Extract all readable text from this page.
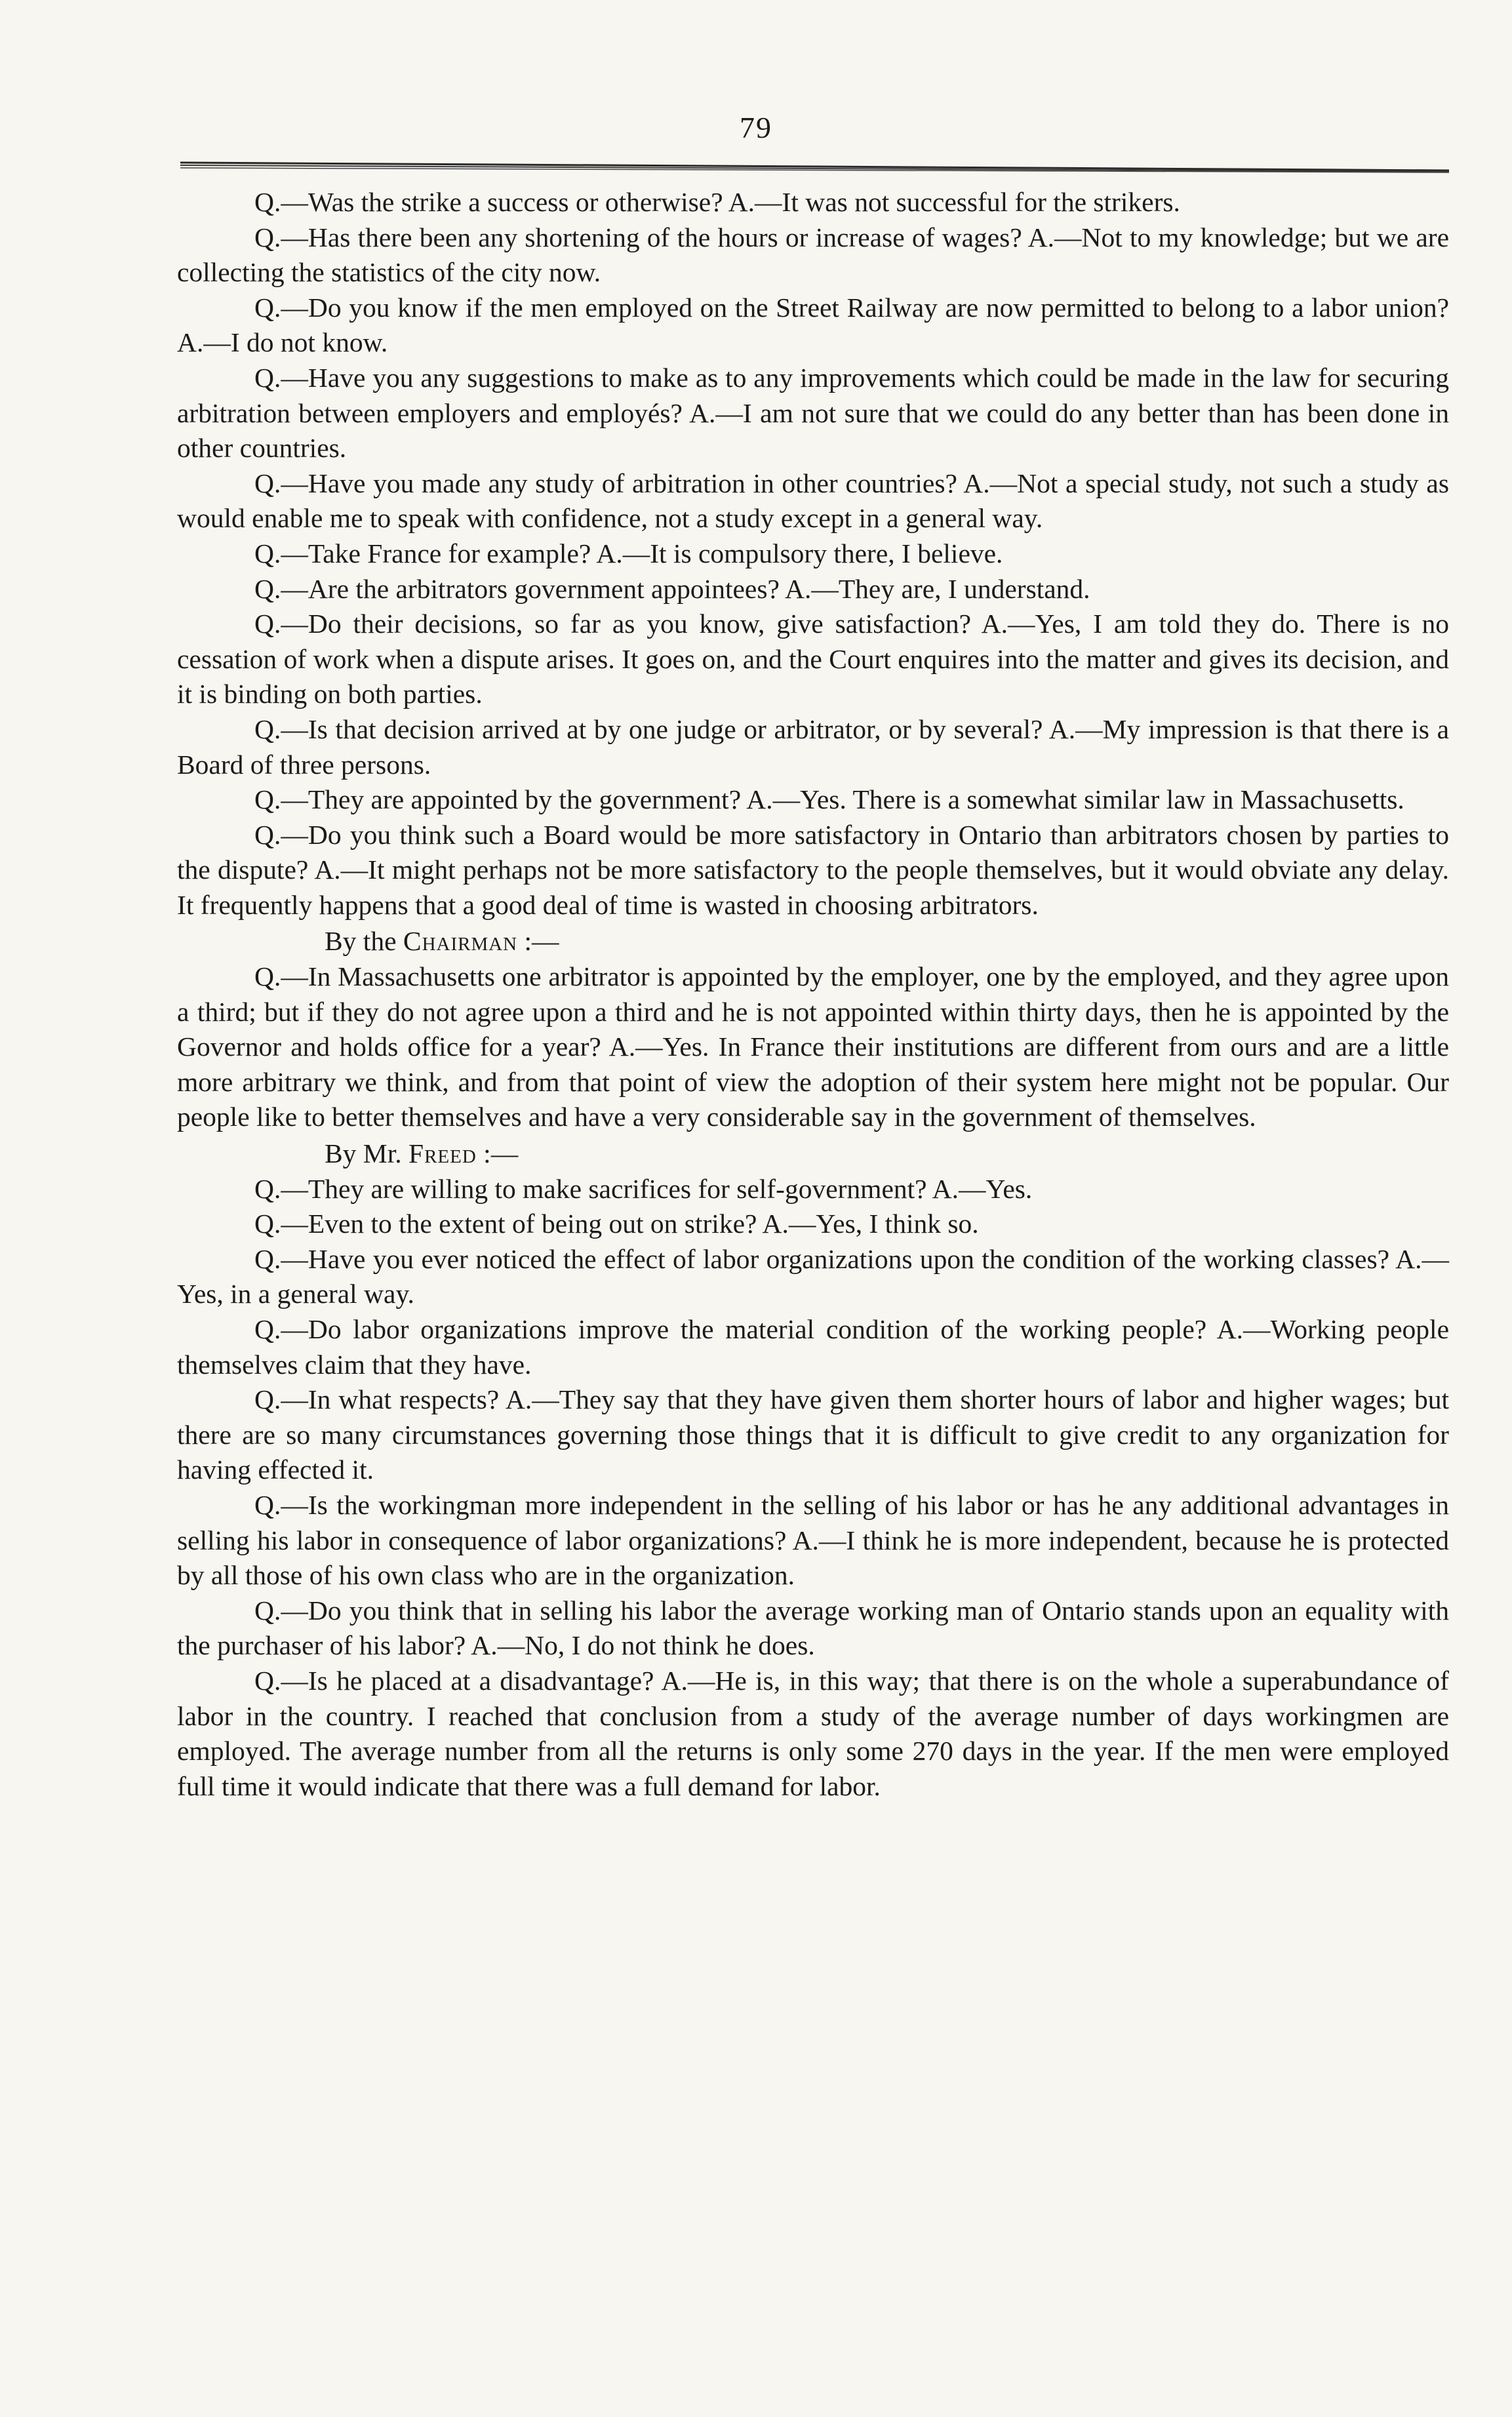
79

Q.—Was the strike a success or otherwise? A.—It was not successful for the strikers.

Q.—Has there been any shortening of the hours or increase of wages? A.—Not to my knowledge; but we are collecting the statistics of the city now.

Q.—Do you know if the men employed on the Street Railway are now permitted to belong to a labor union? A.—I do not know.

Q.—Have you any suggestions to make as to any improvements which could be made in the law for securing arbitration between employers and employés? A.—I am not sure that we could do any better than has been done in other countries.

Q.—Have you made any study of arbitration in other countries? A.—Not a special study, not such a study as would enable me to speak with confidence, not a study except in a general way.

Q.—Take France for example? A.—It is compulsory there, I believe.

Q.—Are the arbitrators government appointees? A.—They are, I understand.

Q.—Do their decisions, so far as you know, give satisfaction? A.—Yes, I am told they do. There is no cessation of work when a dispute arises. It goes on, and the Court enquires into the matter and gives its decision, and it is binding on both parties.

Q.—Is that decision arrived at by one judge or arbitrator, or by several? A.—My impression is that there is a Board of three persons.

Q.—They are appointed by the government? A.—Yes. There is a somewhat similar law in Massachusetts.

Q.—Do you think such a Board would be more satisfactory in Ontario than arbitrators chosen by parties to the dispute? A.—It might perhaps not be more satisfactory to the people themselves, but it would obviate any delay. It frequently happens that a good deal of time is wasted in choosing arbitrators.

By the Chairman :—

Q.—In Massachusetts one arbitrator is appointed by the employer, one by the employed, and they agree upon a third; but if they do not agree upon a third and he is not appointed within thirty days, then he is appointed by the Governor and holds office for a year? A.—Yes. In France their institutions are different from ours and are a little more arbitrary we think, and from that point of view the adoption of their system here might not be popular. Our people like to better themselves and have a very considerable say in the government of themselves.

By Mr. Freed :—

Q.—They are willing to make sacrifices for self-government? A.—Yes.

Q.—Even to the extent of being out on strike? A.—Yes, I think so.

Q.—Have you ever noticed the effect of labor organizations upon the condition of the working classes? A.—Yes, in a general way.

Q.—Do labor organizations improve the material condition of the working people? A.—Working people themselves claim that they have.

Q.—In what respects? A.—They say that they have given them shorter hours of labor and higher wages; but there are so many circumstances governing those things that it is difficult to give credit to any organization for having effected it.

Q.—Is the workingman more independent in the selling of his labor or has he any additional advantages in selling his labor in consequence of labor organizations? A.—I think he is more independent, because he is protected by all those of his own class who are in the organization.

Q.—Do you think that in selling his labor the average working man of Ontario stands upon an equality with the purchaser of his labor? A.—No, I do not think he does.

Q.—Is he placed at a disadvantage? A.—He is, in this way; that there is on the whole a superabundance of labor in the country. I reached that conclusion from a study of the average number of days workingmen are employed. The average number from all the returns is only some 270 days in the year. If the men were employed full time it would indicate that there was a full demand for labor.
